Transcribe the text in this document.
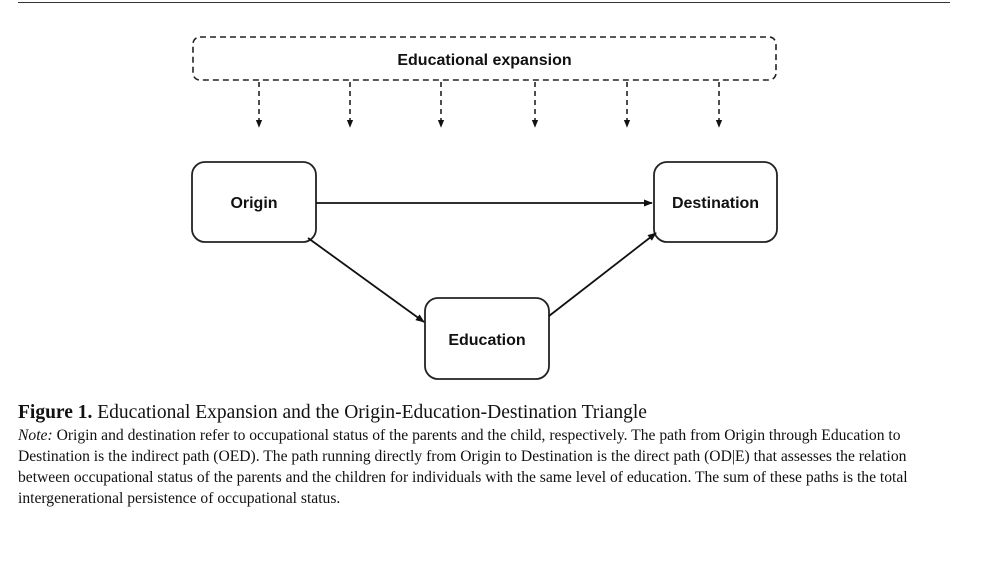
Educational expansion
Origin	Destination
Education

Figure 1. Educational Expansion and the Origin-Education-Destination Triangle

Note: Origin and destination refer to occupational status of the parents and the child, respectively. The path from Origin through Education to Destination is the indirect path (OED). The path running directly from Origin to Destination is the direct path (OD|E) that assesses the relation between occupational status of the parents and the children for individuals with the same level of education. The sum of these paths is the total intergenerational persistence of occupational status.
